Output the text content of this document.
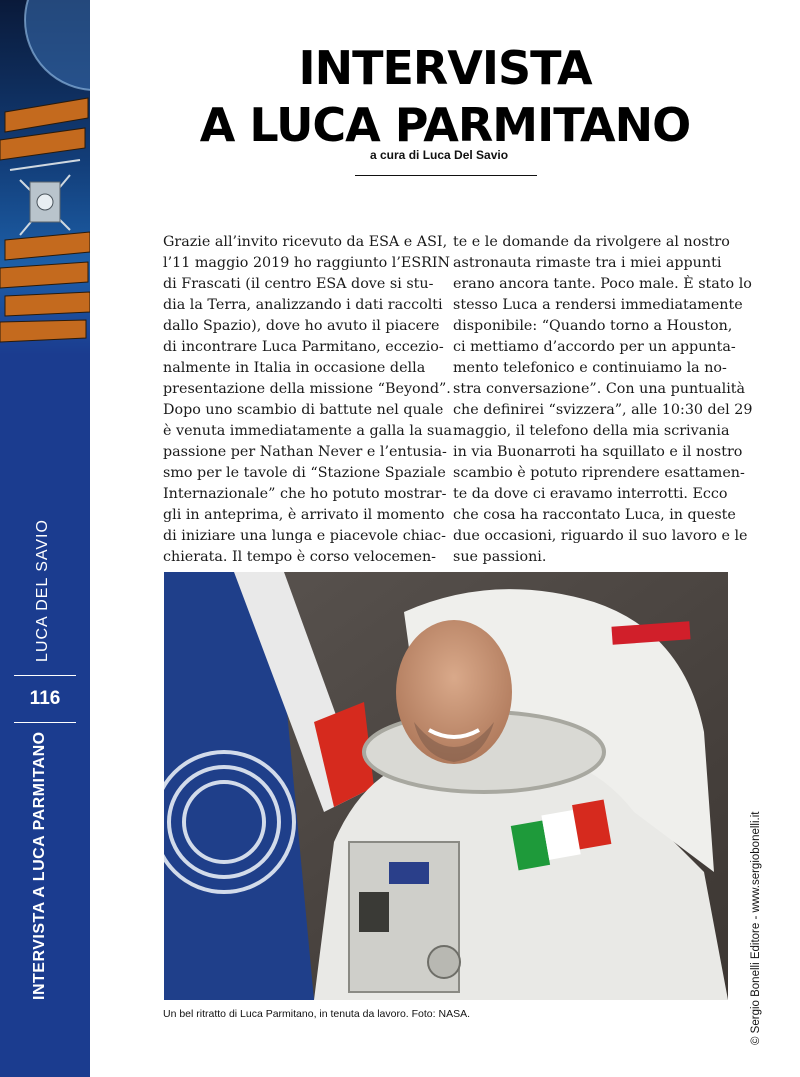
LUCA DEL SAVIO
116
INTERVISTA A LUCA PARMITANO
INTERVISTA
A LUCA PARMITANO
a cura di Luca Del Savio
Grazie all’invito ricevuto da ESA e ASI,
l’11 maggio 2019 ho raggiunto l’ESRIN
di Frascati (il centro ESA dove si stu-
dia la Terra, analizzando i dati raccolti
dallo Spazio), dove ho avuto il piacere
di incontrare Luca Parmitano, eccezio-
nalmente in Italia in occasione della
presentazione della missione “Beyond”.
Dopo uno scambio di battute nel quale
è venuta immediatamente a galla la sua
passione per Nathan Never e l’entusia-
smo per le tavole di “Stazione Spaziale
Internazionale” che ho potuto mostrar-
gli in anteprima, è arrivato il momento
di iniziare una lunga e piacevole chiac-
chierata. Il tempo è corso velocemen-
te e le domande da rivolgere al nostro
astronauta rimaste tra i miei appunti
erano ancora tante. Poco male. È stato lo
stesso Luca a rendersi immediatamente
disponibile: “Quando torno a Houston,
ci mettiamo d’accordo per un appunta-
mento telefonico e continuiamo la no-
stra conversazione”. Con una puntualità
che definirei “svizzera”, alle 10:30 del 29
maggio, il telefono della mia scrivania
in via Buonarroti ha squillato e il nostro
scambio è potuto riprendere esattamen-
te da dove ci eravamo interrotti. Ecco
che cosa ha raccontato Luca, in queste
due occasioni, riguardo il suo lavoro e le
sue passioni.
Un bel ritratto di Luca Parmitano, in tenuta da lavoro. Foto: NASA.	© Sergio Bonelli Editore - www.sergiobonelli.it
